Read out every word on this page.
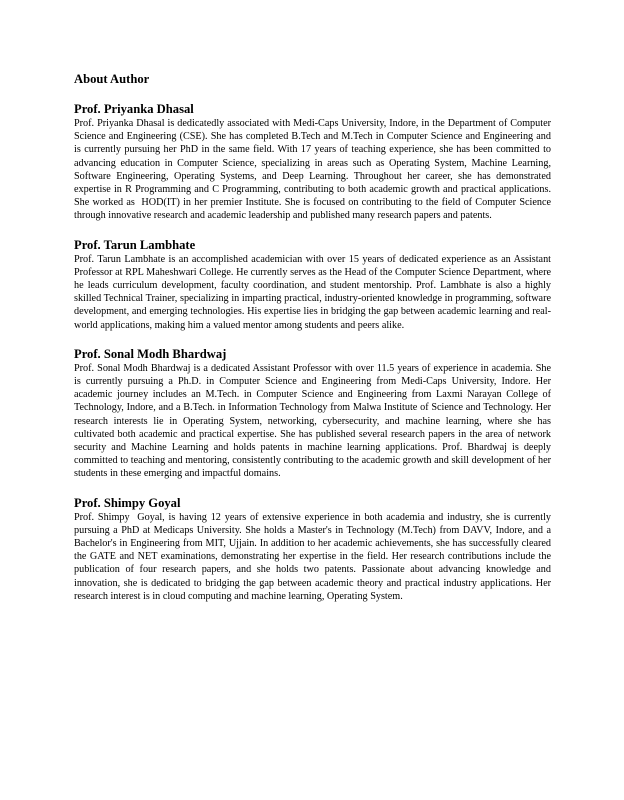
About Author
Prof. Priyanka Dhasal

Prof. Priyanka Dhasal is dedicatedly associated with Medi-Caps University, Indore, in the Department of Computer Science and Engineering (CSE). She has completed B.Tech and M.Tech in Computer Science and Engineering and is currently pursuing her PhD in the same field. With 17 years of teaching experience, she has been committed to advancing education in Computer Science, specializing in areas such as Operating System, Machine Learning, Software Engineering, Operating Systems, and Deep Learning. Throughout her career, she has demonstrated expertise in R Programming and C Programming, contributing to both academic growth and practical applications. She worked as  HOD(IT) in her premier Institute. She is focused on contributing to the field of Computer Science through innovative research and academic leadership and published many research papers and patents.

Prof. Tarun Lambhate

Prof. Tarun Lambhate is an accomplished academician with over 15 years of dedicated experience as an Assistant Professor at RPL Maheshwari College. He currently serves as the Head of the Computer Science Department, where he leads curriculum development, faculty coordination, and student mentorship. Prof. Lambhate is also a highly skilled Technical Trainer, specializing in imparting practical, industry-oriented knowledge in programming, software development, and emerging technologies. His expertise lies in bridging the gap between academic learning and real-world applications, making him a valued mentor among students and peers alike.

Prof. Sonal Modh Bhardwaj

Prof. Sonal Modh Bhardwaj is a dedicated Assistant Professor with over 11.5 years of experience in academia. She is currently pursuing a Ph.D. in Computer Science and Engineering from Medi-Caps University, Indore. Her academic journey includes an M.Tech. in Computer Science and Engineering from Laxmi Narayan College of Technology, Indore, and a B.Tech. in Information Technology from Malwa Institute of Science and Technology. Her research interests lie in Operating System, networking, cybersecurity, and machine learning, where she has cultivated both academic and practical expertise. She has published several research papers in the area of network security and Machine Learning and holds patents in machine learning applications. Prof. Bhardwaj is deeply committed to teaching and mentoring, consistently contributing to the academic growth and skill development of her students in these emerging and impactful domains.

Prof. Shimpy Goyal

Prof. Shimpy  Goyal, is having 12 years of extensive experience in both academia and industry, she is currently pursuing a PhD at Medicaps University. She holds a Master's in Technology (M.Tech) from DAVV, Indore, and a Bachelor's in Engineering from MIT, Ujjain. In addition to her academic achievements, she has successfully cleared the GATE and NET examinations, demonstrating her expertise in the field. Her research contributions include the publication of four research papers, and she holds two patents. Passionate about advancing knowledge and innovation, she is dedicated to bridging the gap between academic theory and practical industry applications. Her research interest is in cloud computing and machine learning, Operating System.
